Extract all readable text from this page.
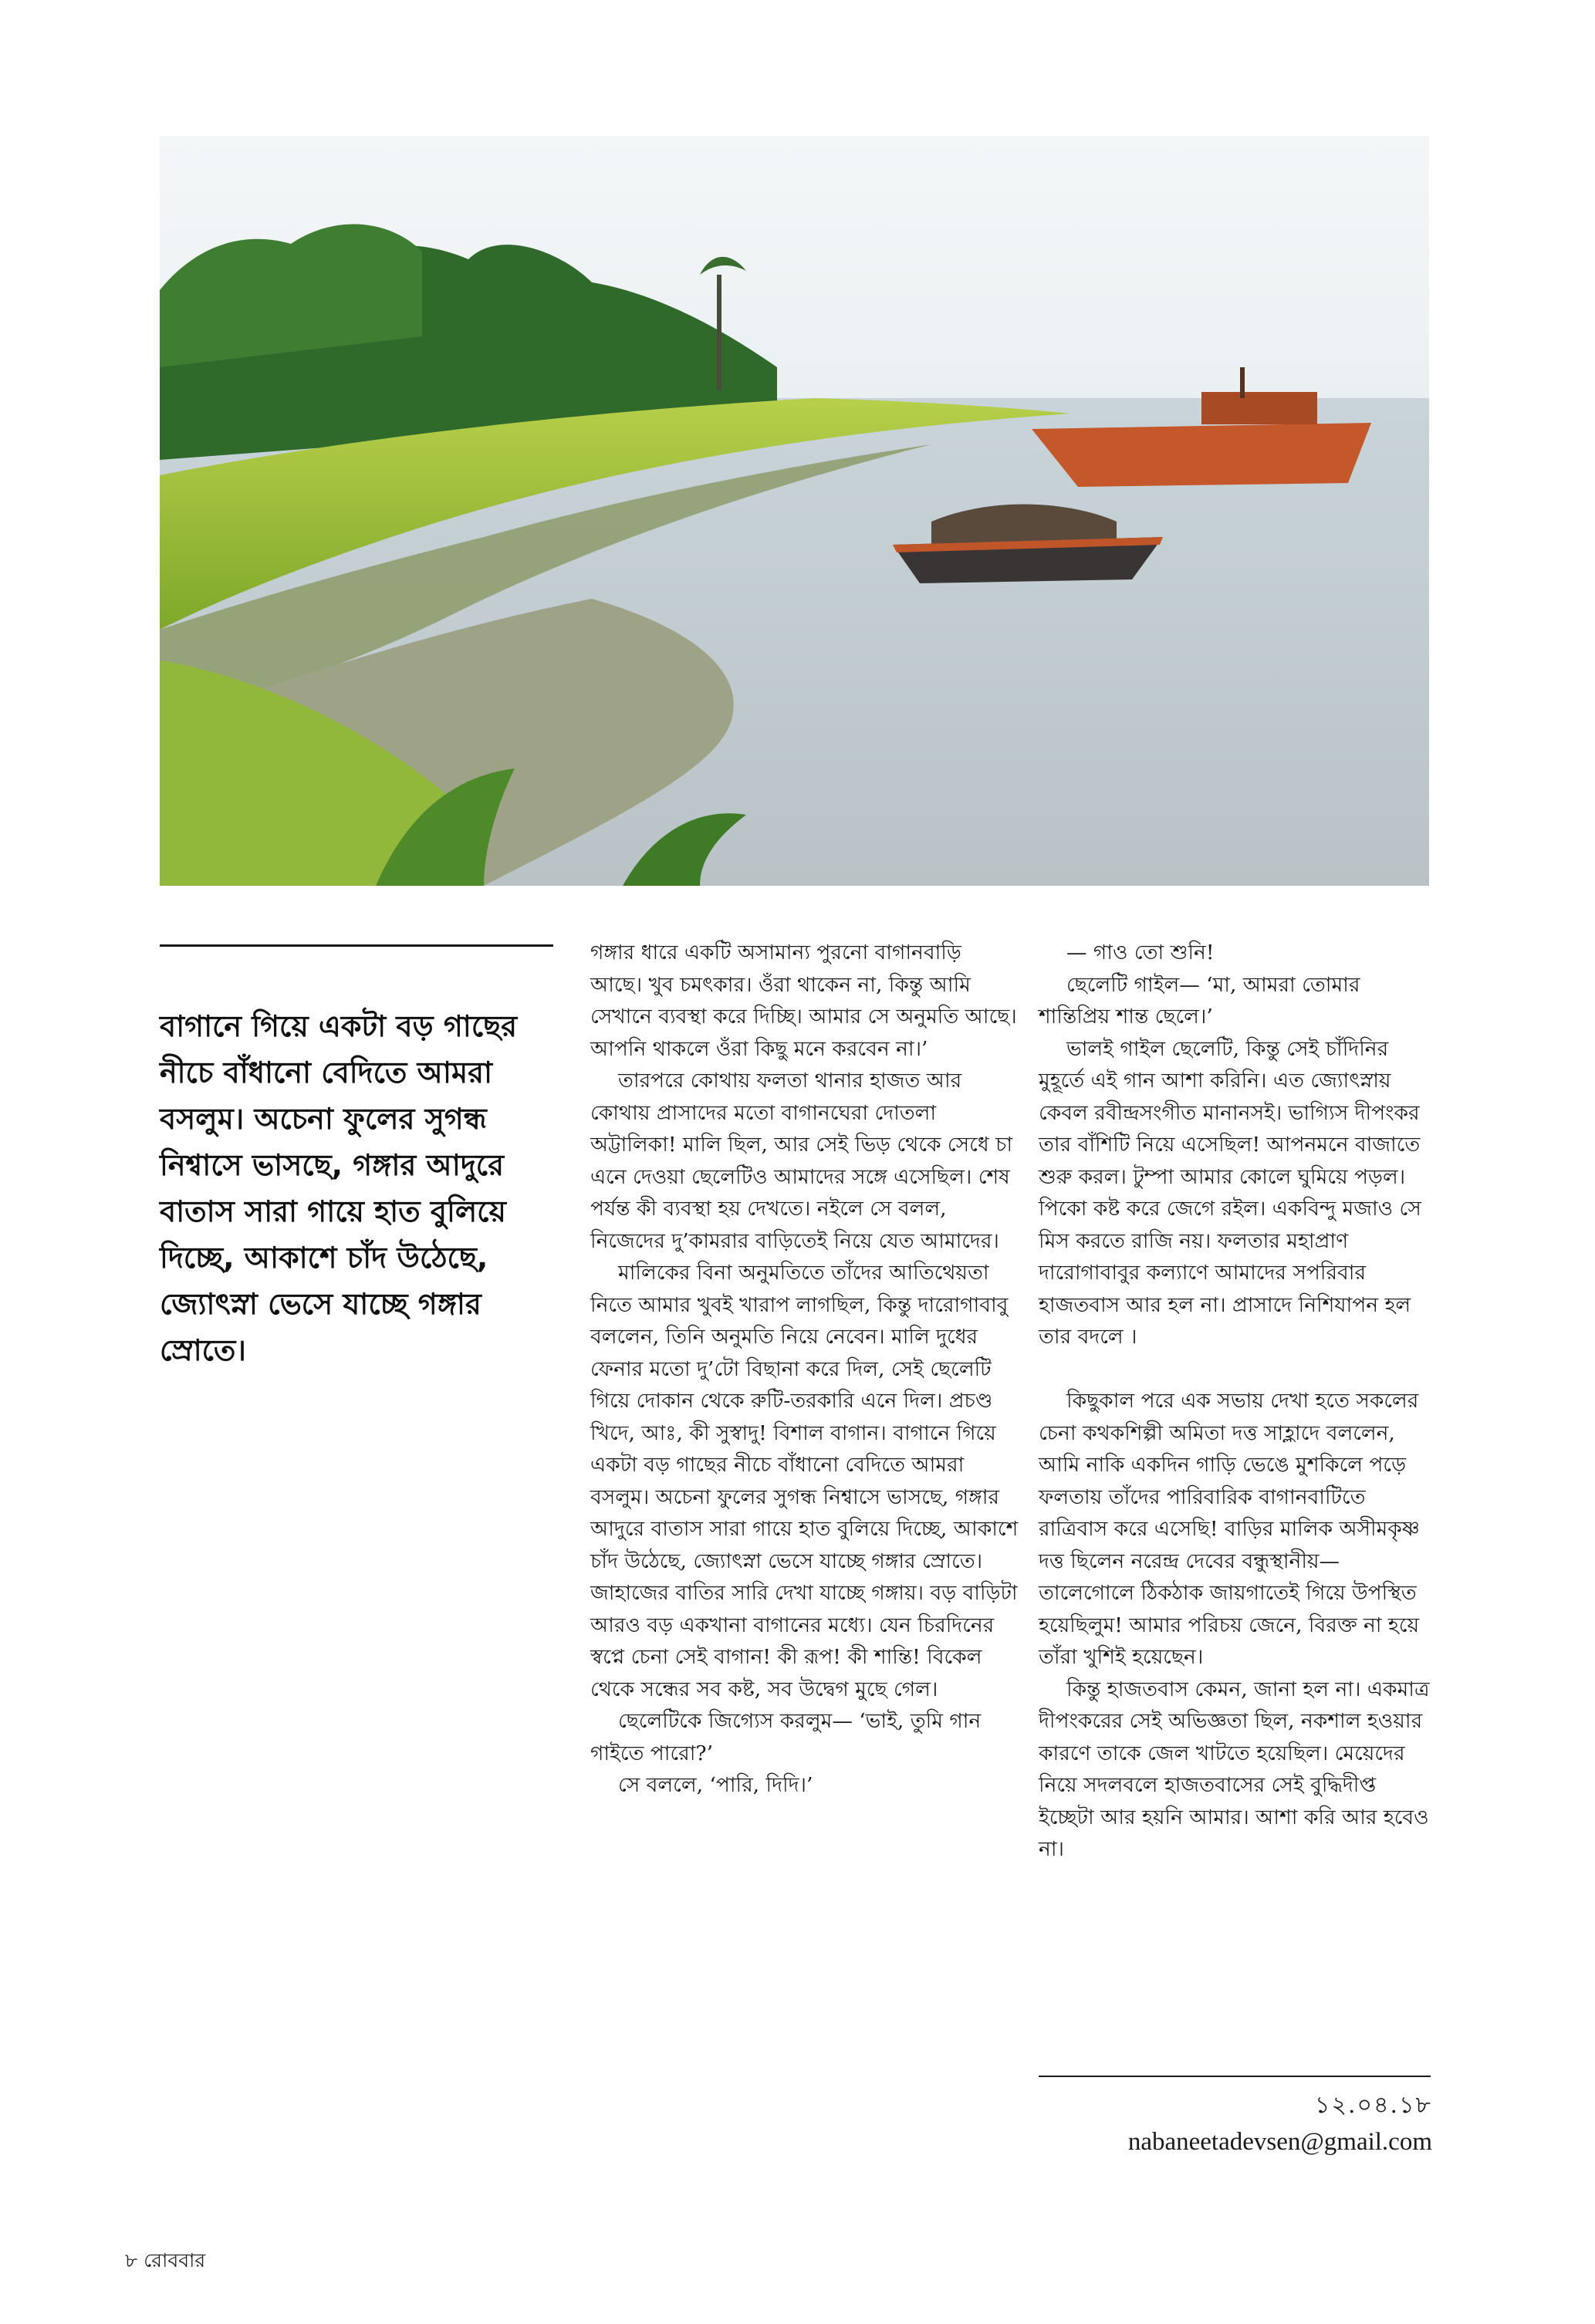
বাগানে গিয়ে একটা বড় গাছের নীচে বাঁধানো বেদিতে আমরা বসলুম। অচেনা ফুলের সুগন্ধ নিশ্বাসে ভাসছে, গঙ্গার আদুরে বাতাস সারা গায়ে হাত বুলিয়ে দিচ্ছে, আকাশে চাঁদ উঠেছে, জ্যোৎস্না ভেসে যাচ্ছে গঙ্গার স্রোতে।

গঙ্গার ধারে একটি অসামান্য পুরনো বাগানবাড়ি আছে। খুব চমৎকার। ওঁরা থাকেন না, কিন্তু আমি সেখানে ব্যবস্থা করে দিচ্ছি। আমার সে অনুমতি আছে। আপনি থাকলে ওঁরা কিছু মনে করবেন না।’

তারপরে কোথায় ফলতা থানার হাজত আর কোথায় প্রাসাদের মতো বাগানঘেরা দোতলা অট্টালিকা! মালি ছিল, আর সেই ভিড় থেকে সেধে চা এনে দেওয়া ছেলেটিও আমাদের সঙ্গে এসেছিল। শেষ পর্যন্ত কী ব্যবস্থা হয় দেখতে। নইলে সে বলল, নিজেদের দু’কামরার বাড়িতেই নিয়ে যেত আমাদের।

মালিকের বিনা অনুমতিতে তাঁদের আতিথেয়তা নিতে আমার খুবই খারাপ লাগছিল, কিন্তু দারোগাবাবু বললেন, তিনি অনুমতি নিয়ে নেবেন। মালি দুধের ফেনার মতো দু’টো বিছানা করে দিল, সেই ছেলেটি গিয়ে দোকান থেকে রুটি-তরকারি এনে দিল। প্রচণ্ড খিদে, আঃ, কী সুস্বাদু! বিশাল বাগান। বাগানে গিয়ে একটা বড় গাছের নীচে বাঁধানো বেদিতে আমরা বসলুম। অচেনা ফুলের সুগন্ধ নিশ্বাসে ভাসছে, গঙ্গার আদুরে বাতাস সারা গায়ে হাত বুলিয়ে দিচ্ছে, আকাশে চাঁদ উঠেছে, জ্যোৎস্না ভেসে যাচ্ছে গঙ্গার স্রোতে। জাহাজের বাতির সারি দেখা যাচ্ছে গঙ্গায়। বড় বাড়িটা আরও বড় একখানা বাগানের মধ্যে। যেন চিরদিনের স্বপ্নে চেনা সেই বাগান! কী রূপ! কী শান্তি! বিকেল থেকে সন্ধের সব কষ্ট, সব উদ্বেগ মুছে গেল।

ছেলেটিকে জিগ্যেস করলুম— ‘ভাই, তুমি গান গাইতে পারো?’

সে বললে, ‘পারি, দিদি।’

— গাও তো শুনি!

ছেলেটি গাইল— ‘মা, আমরা তোমার শান্তিপ্রিয় শান্ত ছেলে।’

ভালই গাইল ছেলেটি, কিন্তু সেই চাঁদিনির মুহূর্তে এই গান আশা করিনি। এত জ্যোৎস্নায় কেবল রবীন্দ্রসংগীত মানানসই। ভাগ্যিস দীপংকর তার বাঁশিটি নিয়ে এসেছিল! আপনমনে বাজাতে শুরু করল। টুম্পা আমার কোলে ঘুমিয়ে পড়ল। পিকো কষ্ট করে জেগে রইল। একবিন্দু মজাও সে মিস করতে রাজি নয়। ফলতার মহাপ্রাণ দারোগাবাবুর কল্যাণে আমাদের সপরিবার হাজতবাস আর হল না। প্রাসাদে নিশিযাপন হল তার বদলে ।

কিছুকাল পরে এক সভায় দেখা হতে সকলের চেনা কথকশিল্পী অমিতা দত্ত সাহ্লাদে বললেন, আমি নাকি একদিন গাড়ি ভেঙে মুশকিলে পড়ে ফলতায় তাঁদের পারিবারিক বাগানবাটিতে রাত্রিবাস করে এসেছি! বাড়ির মালিক অসীমকৃষ্ণ দত্ত ছিলেন নরেন্দ্র দেবের বন্ধুস্থানীয়— তালেগোলে ঠিকঠাক জায়গাতেই গিয়ে উপস্থিত হয়েছিলুম! আমার পরিচয় জেনে, বিরক্ত না হয়ে তাঁরা খুশিই হয়েছেন।

কিন্তু হাজতবাস কেমন, জানা হল না। একমাত্র দীপংকরের সেই অভিজ্ঞতা ছিল, নকশাল হওয়ার কারণে তাকে জেল খাটতে হয়েছিল। মেয়েদের নিয়ে সদলবলে হাজতবাসের সেই বুদ্ধিদীপ্ত ইচ্ছেটা আর হয়নি আমার। আশা করি আর হবেও না।

১২.০৪.১৮
nabaneetadevsen@gmail.com
৮ রোববার
